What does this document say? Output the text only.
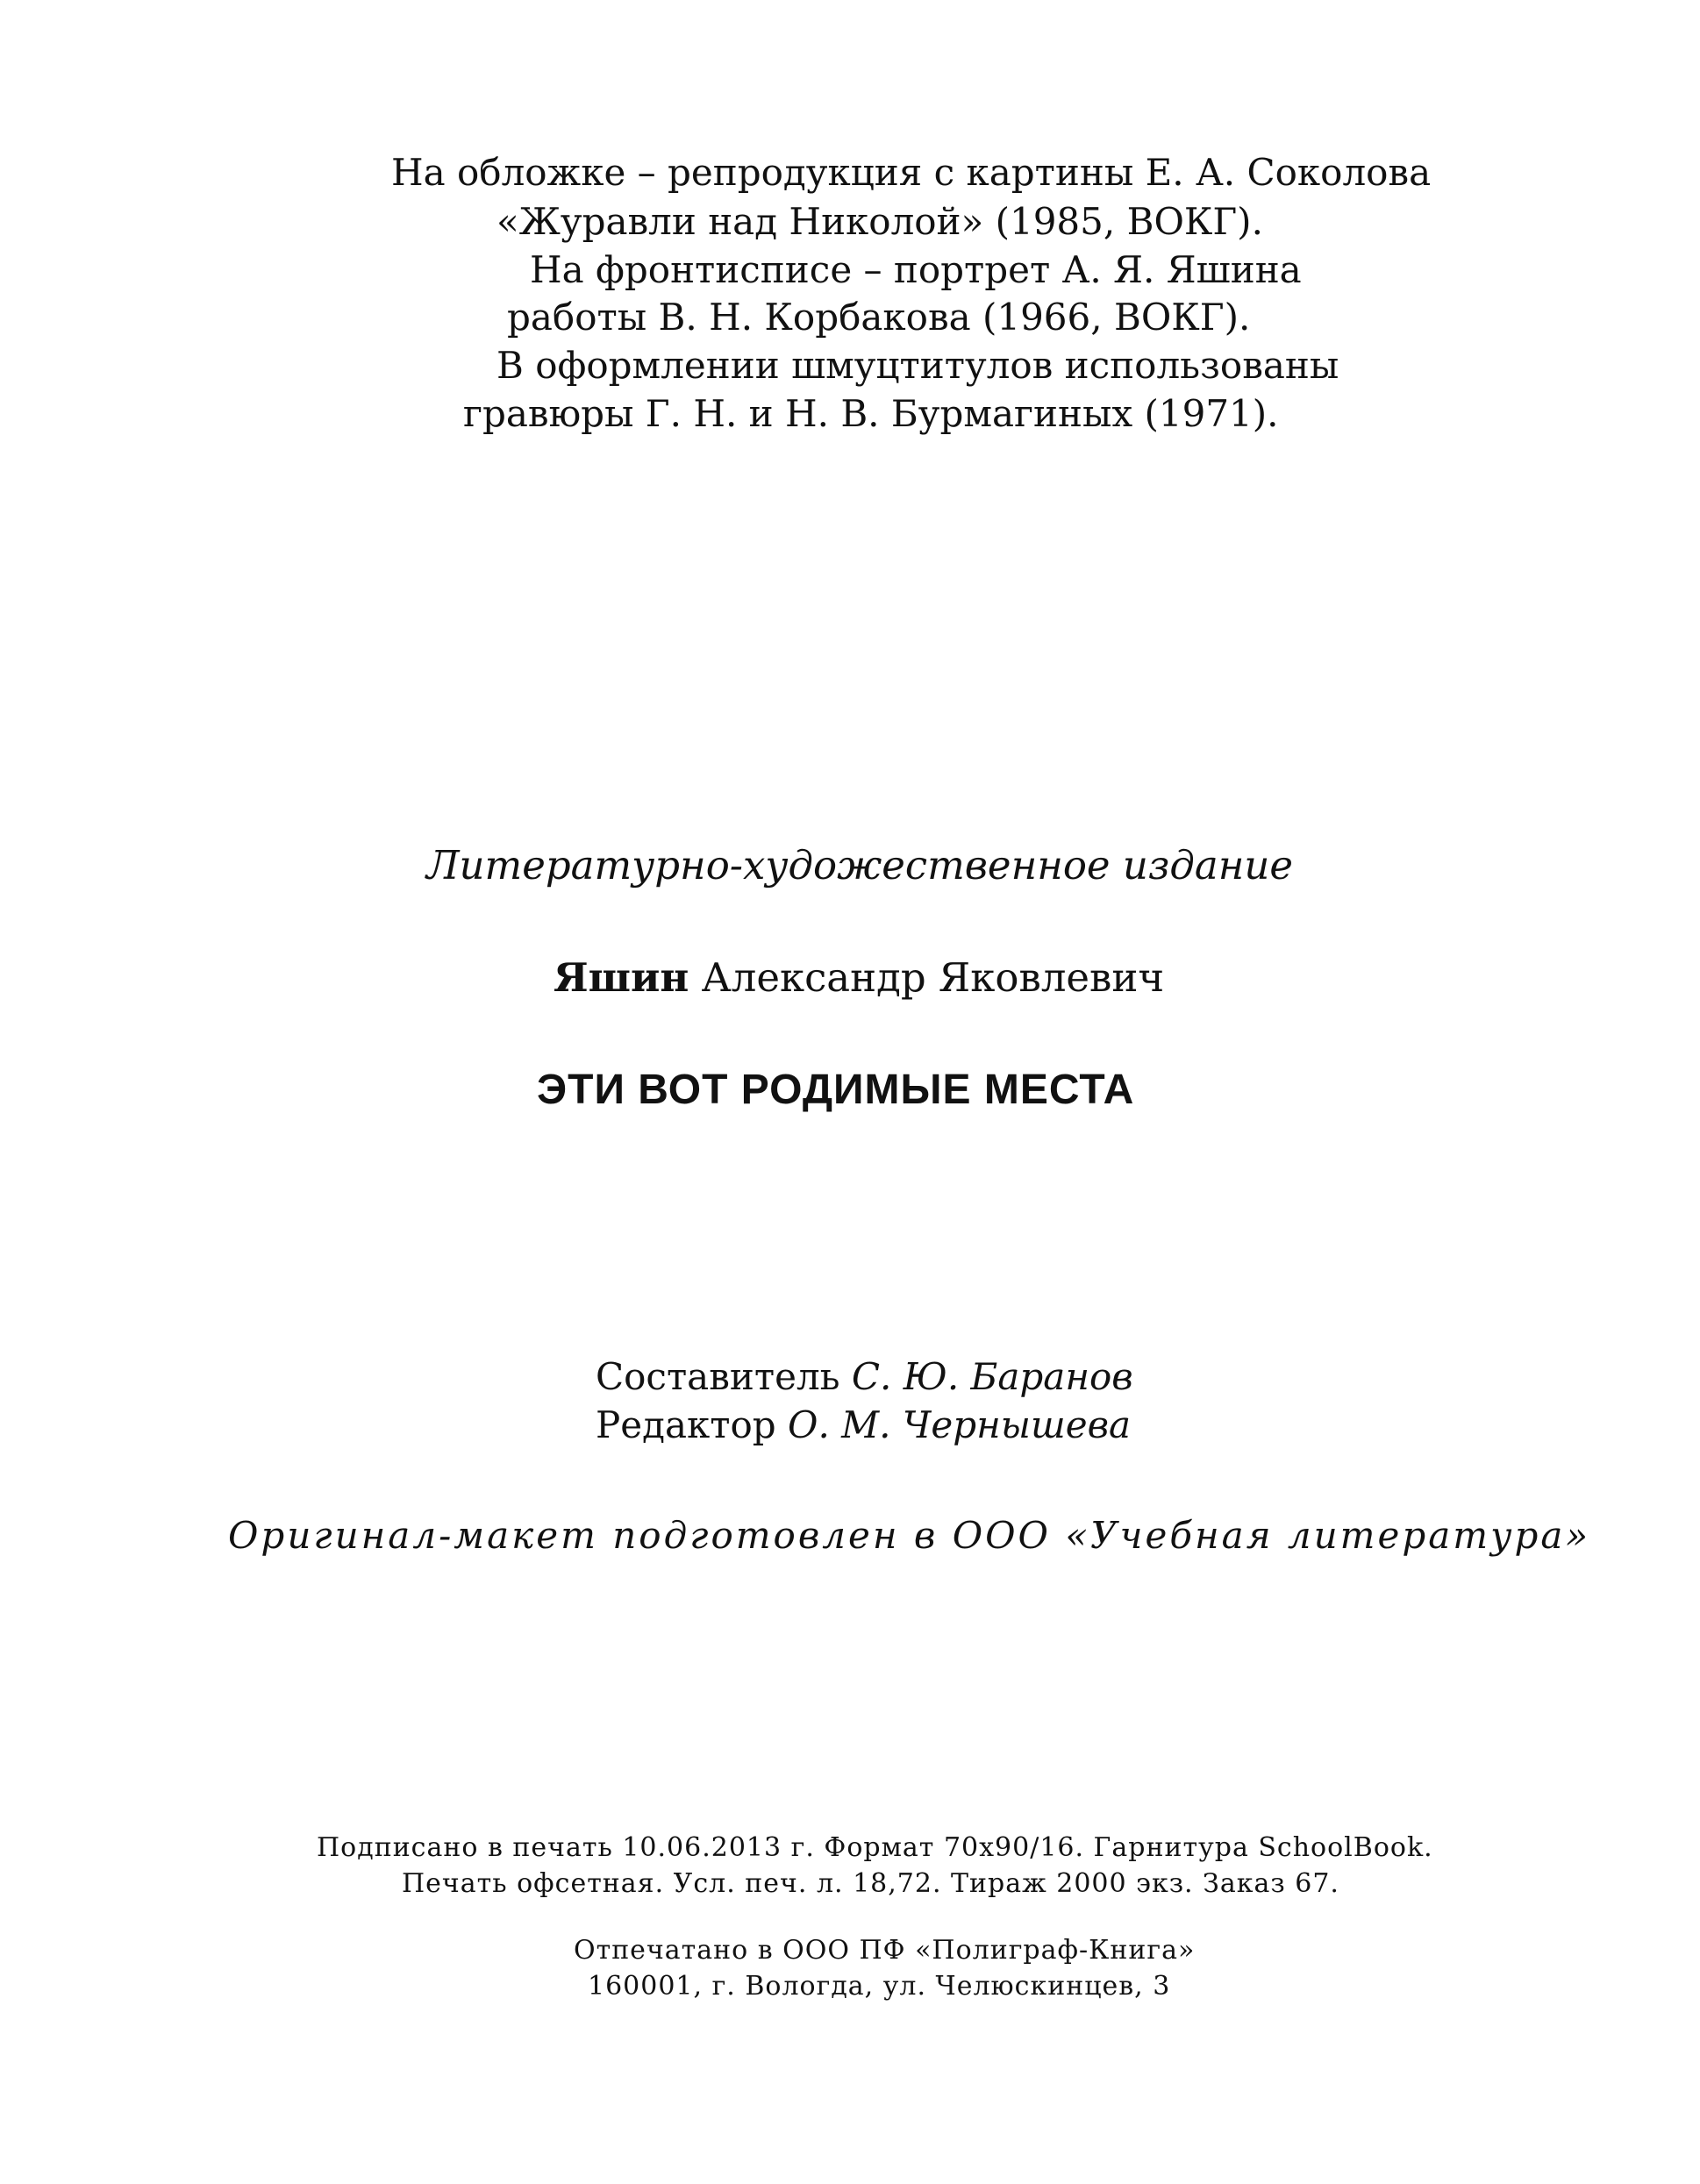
На обложке – репродукция с картины Е. А. Соколова

«Журавли над Николой» (1985, ВОКГ).

На фронтисписе – портрет А. Я. Яшина

работы В. Н. Корбакова (1966, ВОКГ).

В оформлении шмуцтитулов использованы

гравюры Г. Н. и Н. В. Бурмагиных (1971).

Литературно-художественное издание

Яшин Александр Яковлевич

ЭТИ ВОТ РОДИМЫЕ МЕСТА

Составитель С. Ю. Баранов

Редактор О. М. Чернышева

Оригинал-макет подготовлен в ООО «Учебная литература»

Подписано в печать 10.06.2013 г. Формат 70х90/16. Гарнитура SchoolBook.

Печать офсетная. Усл. печ. л. 18,72. Тираж 2000 экз. Заказ 67.

Отпечатано в ООО ПФ «Полиграф-Книга»

160001, г. Вологда, ул. Челюскинцев, 3
